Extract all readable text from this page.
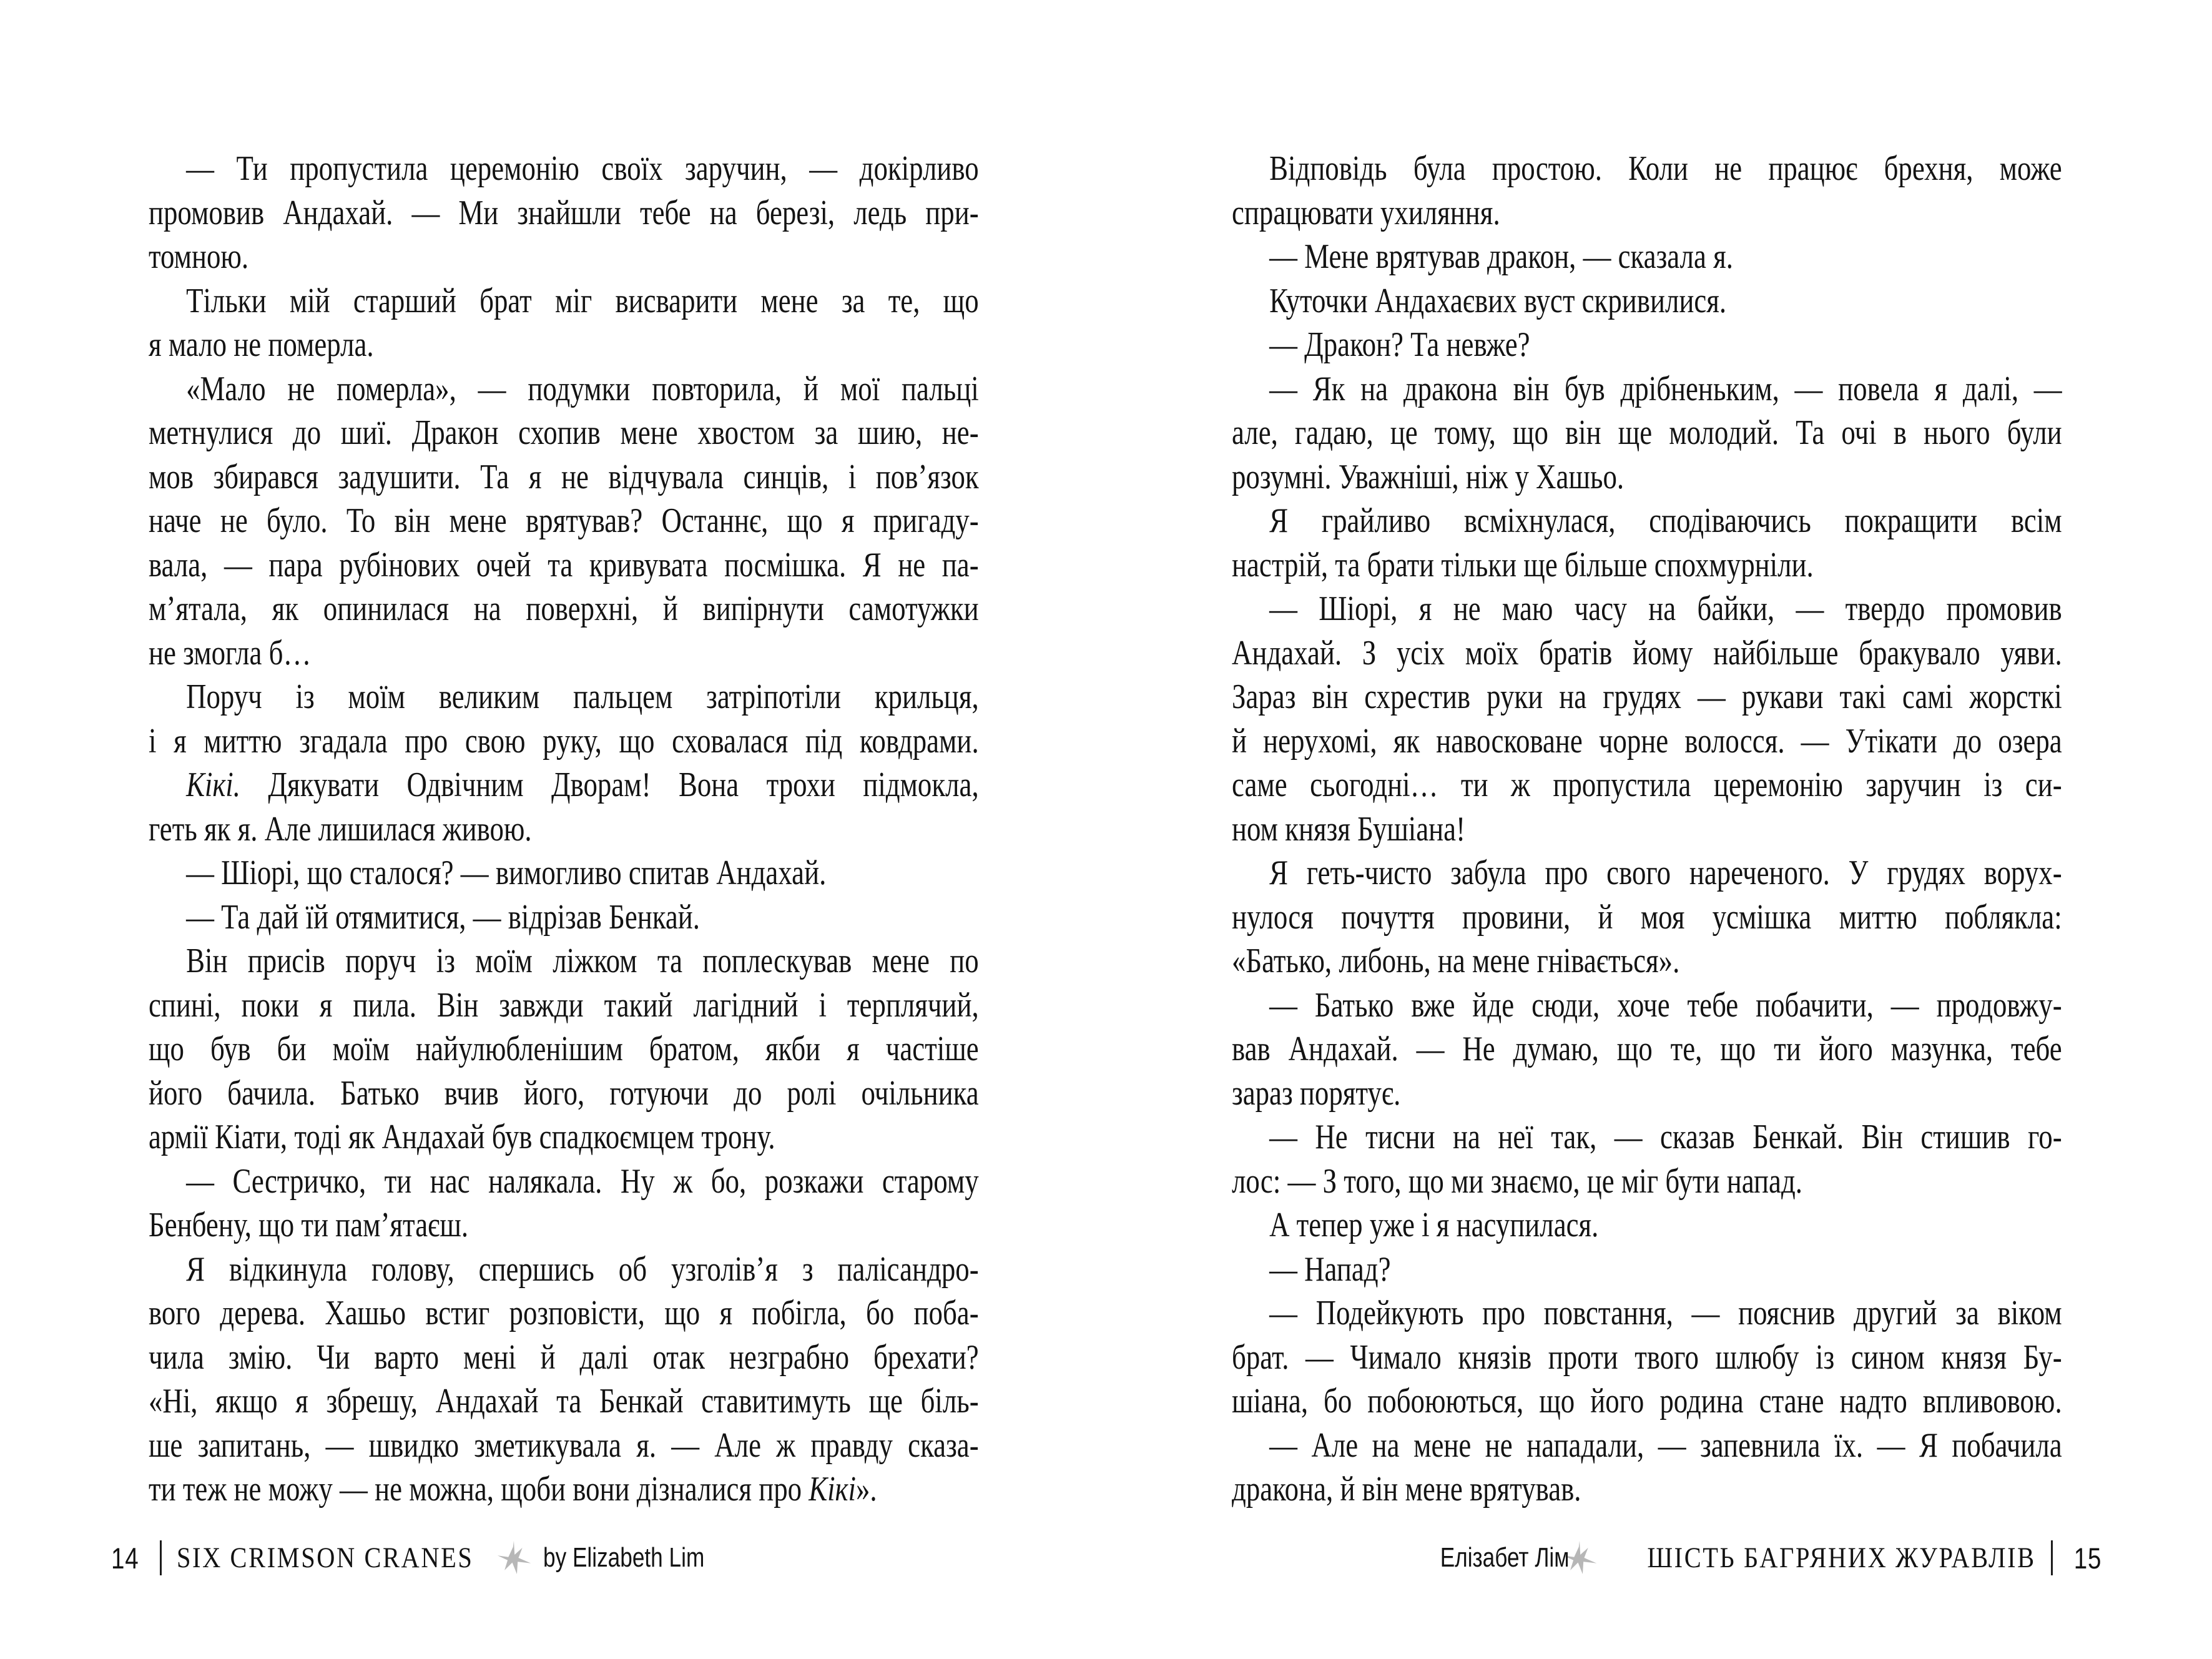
— Ти пропустила церемонію своїх заручин, — докірливо
промовив Андахай. — Ми знайшли тебе на березі, ледь при-
томною.
Тільки мій старший брат міг висварити мене за те, що
я мало не померла.
«Мало не померла», — подумки повторила, й мої пальці
метнулися до шиї. Дракон схопив мене хвостом за шию, не-
мов збирався задушити. Та я не відчувала синців, і пов’язок
наче не було. То він мене врятував? Останнє, що я пригаду-
вала, — пара рубінових очей та кривувата посмішка. Я не па-
м’ятала, як опинилася на поверхні, й випірнути самотужки
не змогла б…
Поруч із моїм великим пальцем затріпотіли крильця,
і я миттю згадала про свою руку, що сховалася під ковдрами.
Кікі. Дякувати Одвічним Дворам! Вона трохи підмокла,
геть як я. Але лишилася живою.
— Шіорі, що сталося? — вимогливо спитав Андахай.
— Та дай їй отямитися, — відрізав Бенкай.
Він присів поруч із моїм ліжком та поплескував мене по
спині, поки я пила. Він завжди такий лагідний і терплячий,
що був би моїм найулюбленішим братом, якби я частіше
його бачила. Батько вчив його, готуючи до ролі очільника
армії Кіати, тоді як Андахай був спадкоємцем трону.
— Сестричко, ти нас налякала. Ну ж бо, розкажи старому
Бенбену, що ти пам’ятаєш.
Я відкинула голову, спершись об узголів’я з палісандро-
вого дерева. Хашьо встиг розповісти, що я побігла, бо поба-
чила змію. Чи варто мені й далі отак незграбно брехати?
«Ні, якщо я збрешу, Андахай та Бенкай ставитимуть ще біль-
ше запитань, — швидко зметикувала я. — Але ж правду сказа-
ти теж не можу — не можна, щоби вони дізналися про Кікі».
Відповідь була простою. Коли не працює брехня, може
спрацювати ухиляння.
— Мене врятував дракон, — сказала я.
Куточки Андахаєвих вуст скривилися.
— Дракон? Та невже?
— Як на дракона він був дрібненьким, — повела я далі, —
але, гадаю, це тому, що він ще молодий. Та очі в нього були
розумні. Уважніші, ніж у Хашьо.
Я грайливо всміхнулася, сподіваючись покращити всім
настрій, та брати тільки ще більше спохмурніли.
— Шіорі, я не маю часу на байки, — твердо промовив
Андахай. З усіх моїх братів йому найбільше бракувало уяви.
Зараз він схрестив руки на грудях — рукави такі самі жорсткі
й нерухомі, як навосковане чорне волосся. — Утікати до озера
саме сьогодні… ти ж пропустила церемонію заручин із си-
ном князя Бушіана!
Я геть-чисто забула про свого нареченого. У грудях ворух-
нулося почуття провини, й моя усмішка миттю поблякла:
«Батько, либонь, на мене гнівається».
— Батько вже йде сюди, хоче тебе побачити, — продовжу-
вав Андахай. — Не думаю, що те, що ти його мазунка, тебе
зараз порятує.
— Не тисни на неї так, — сказав Бенкай. Він стишив го-
лос: — З того, що ми знаємо, це міг бути напад.
А тепер уже і я насупилася.
— Напад?
— Подейкують про повстання, — пояснив другий за віком
брат. — Чимало князів проти твого шлюбу із сином князя Бу-
шіана, бо побоюються, що його родина стане надто впливовою.
— Але на мене не нападали, — запевнила їх. — Я побачила
дракона, й він мене врятував.
14 SIX CRIMSON CRANES	by Elizabeth Lim	Елізабет Лім	ШІСТЬ БАГРЯНИХ ЖУРАВЛІВ 15
